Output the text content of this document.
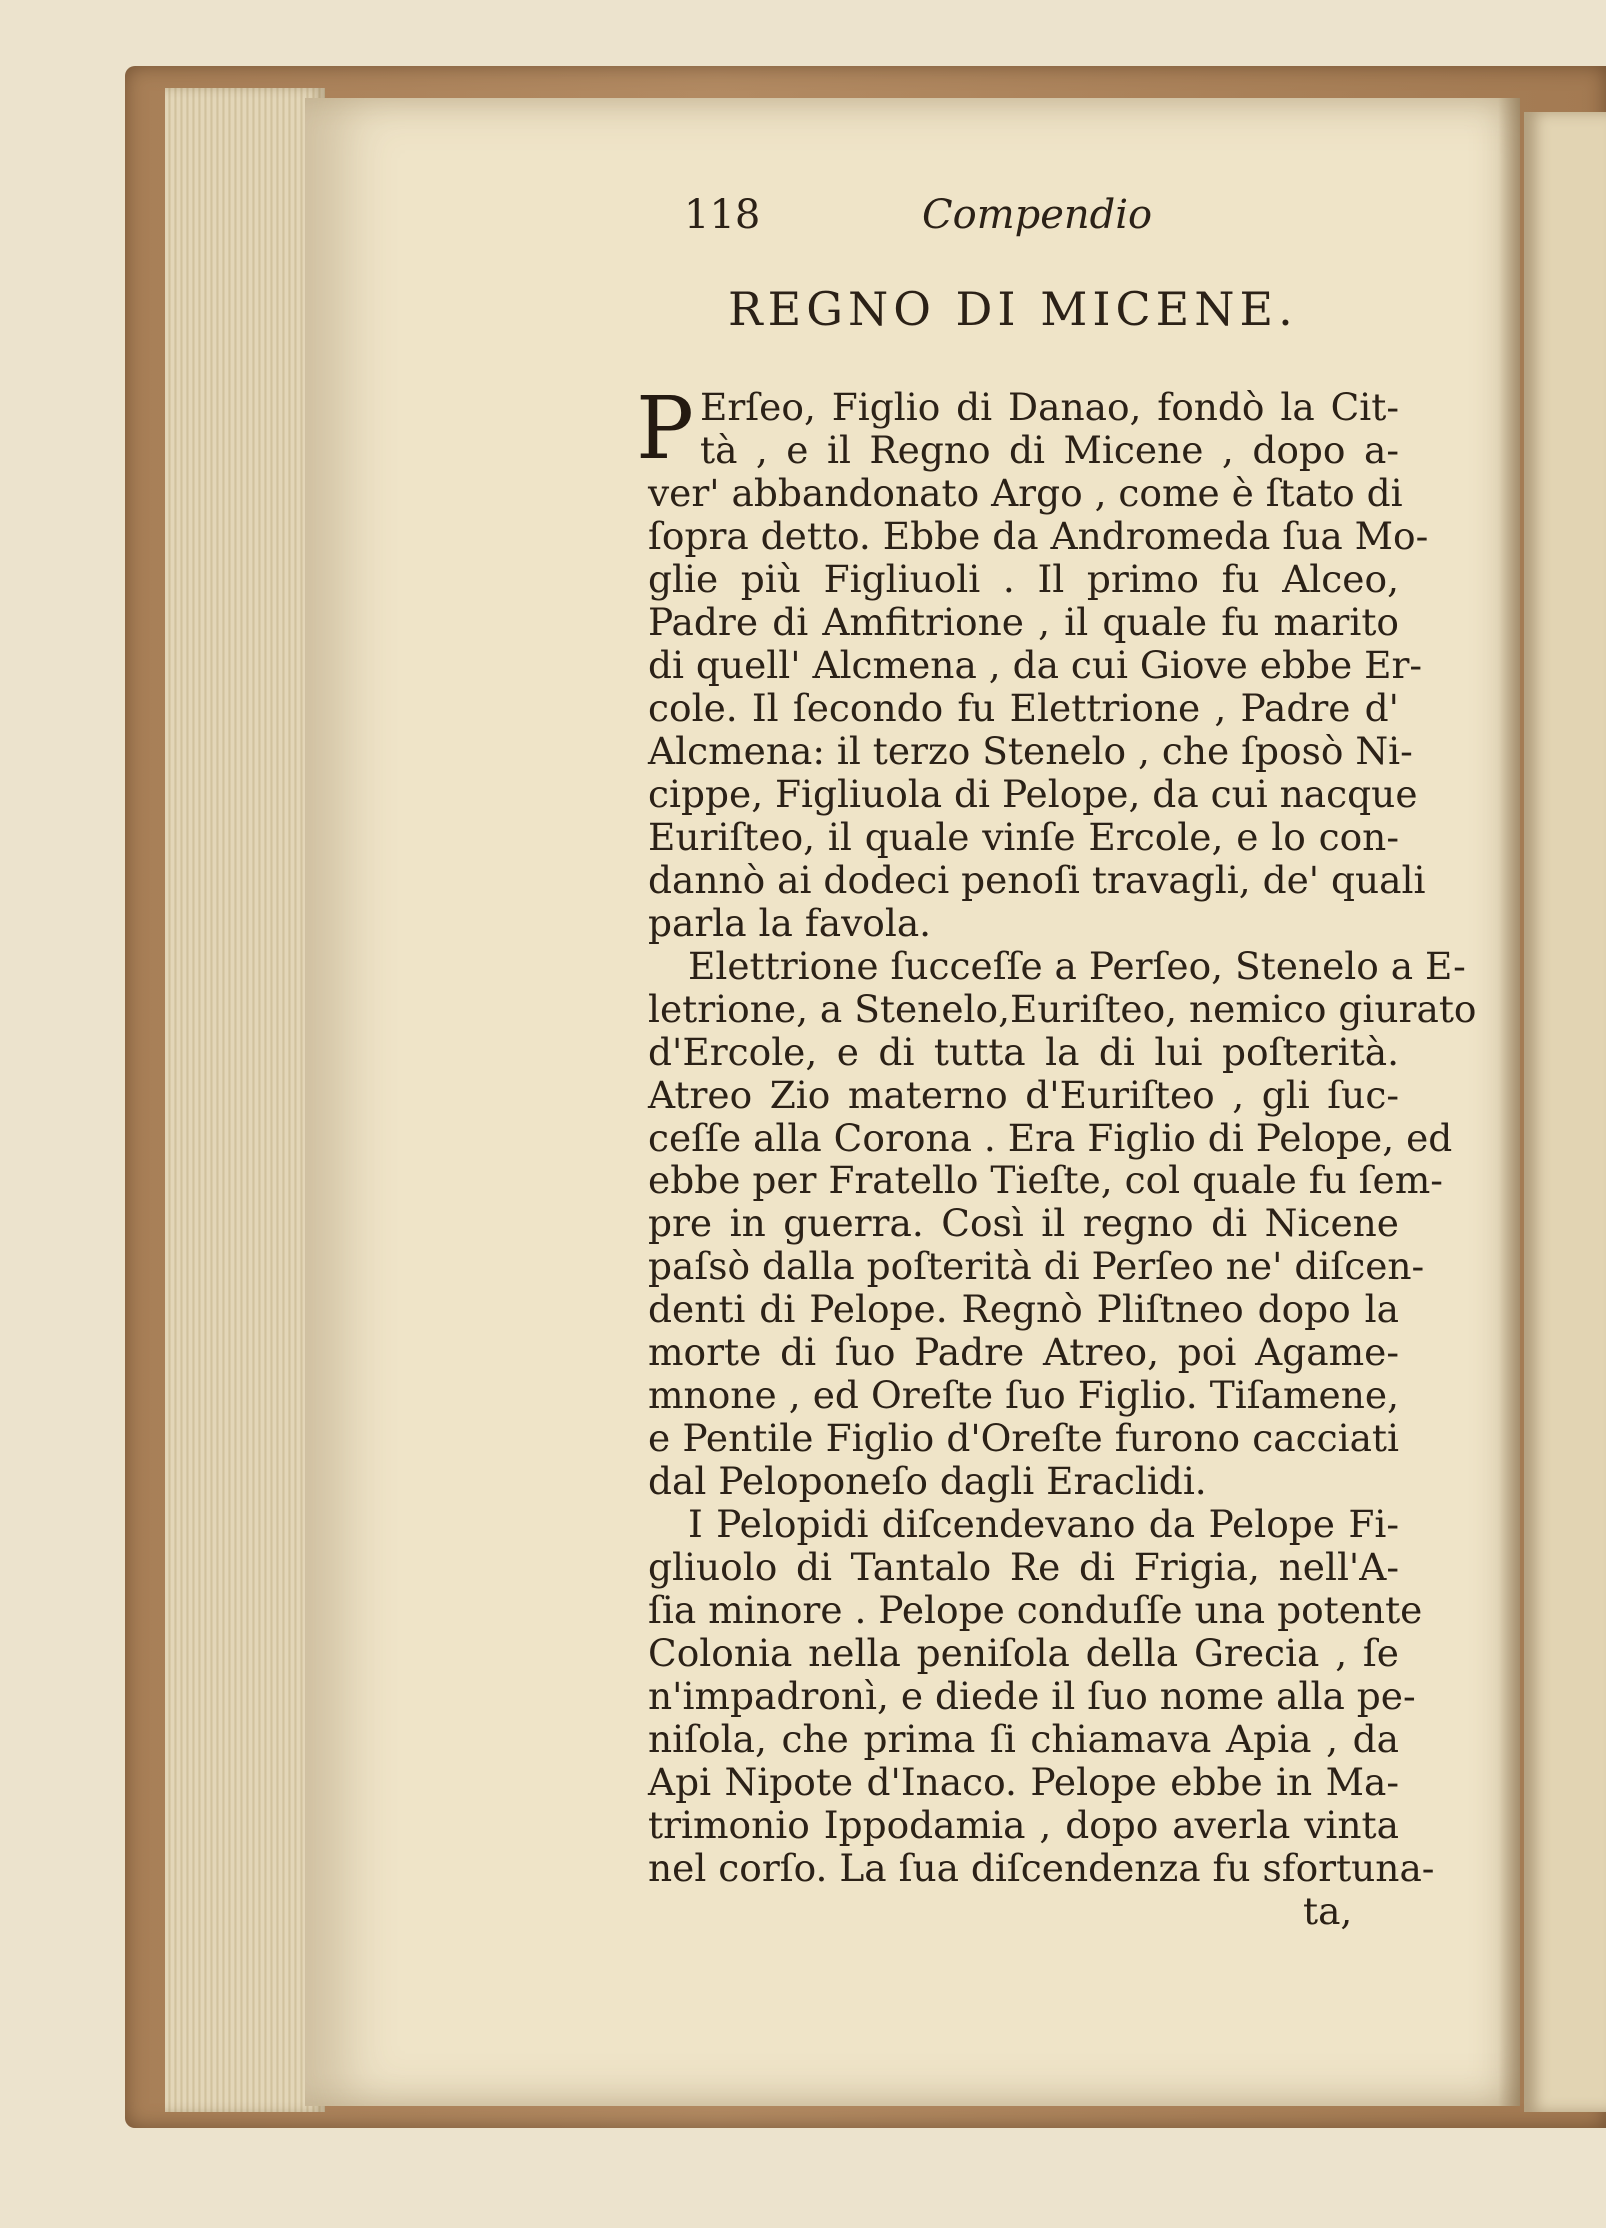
118	Compendio
REGNO DI MICENE.
P Erſeo, Figlio di Danao, fondò la Cit-
tà , e il Regno di Micene , dopo a-
ver' abbandonato Argo , come è ſtato di
ſopra detto. Ebbe da Andromeda ſua Mo-
glie più Figliuoli . Il primo fu Alceo,
Padre di Amfitrione , il quale fu marito
di quell' Alcmena , da cui Giove ebbe Er-
cole. Il ſecondo fu Elettrione , Padre d'
Alcmena: il terzo Stenelo , che ſposò Ni-
cippe, Figliuola di Pelope, da cui nacque
Euriſteo, il quale vinſe Ercole, e lo con-
dannò ai dodeci penoſi travagli, de' quali
parla la favola.
Elettrione ſucceſſe a Perſeo, Stenelo a E-
letrione, a Stenelo,Euriſteo, nemico giurato
d'Ercole, e di tutta la di lui poſterità.
Atreo Zio materno d'Euriſteo , gli ſuc-
ceſſe alla Corona . Era Figlio di Pelope, ed
ebbe per Fratello Tieſte, col quale fu ſem-
pre in guerra. Così il regno di Nicene
paſsò dalla poſterità di Perſeo ne' diſcen-
denti di Pelope. Regnò Pliſtneo dopo la
morte di ſuo Padre Atreo, poi Agame-
mnone , ed Oreſte ſuo Figlio. Tiſamene,
e Pentile Figlio d'Oreſte furono cacciati
dal Peloponeſo dagli Eraclidi.
I Pelopidi diſcendevano da Pelope Fi-
gliuolo di Tantalo Re di Frigia, nell'A-
ſia minore . Pelope conduſſe una potente
Colonia nella peniſola della Grecia , ſe
n'impadronì, e diede il ſuo nome alla pe-
niſola, che prima ſi chiamava Apia , da
Api Nipote d'Inaco. Pelope ebbe in Ma-
trimonio Ippodamia , dopo averla vinta
nel corſo. La ſua diſcendenza fu sfortuna-
ta,
